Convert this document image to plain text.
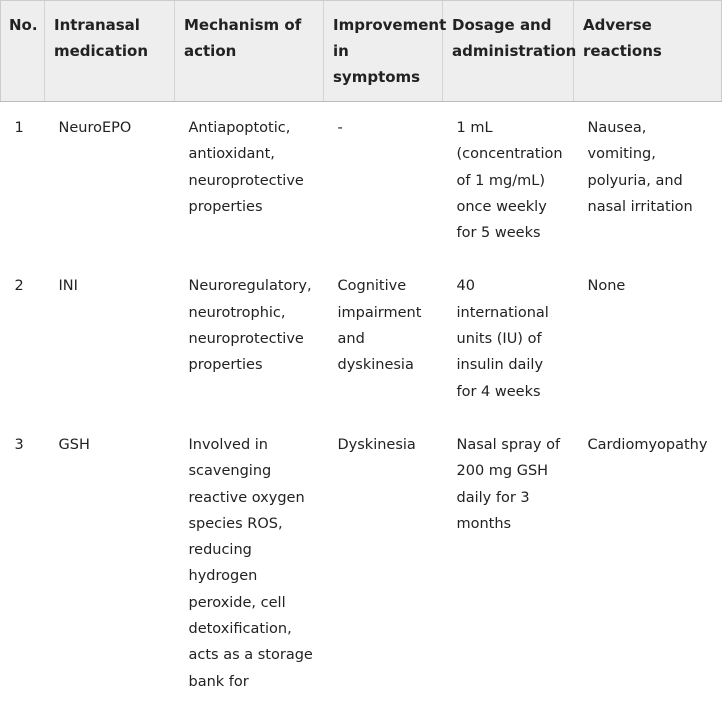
No.	Intranasal medication	Mechanism of action	Improvement in symptoms	Dosage and administration	Adverse reactions
1	NeuroEPO	Antiapoptotic, antioxidant, neuroprotective properties	-	1 mL (concentration of 1 mg/mL) once weekly for 5 weeks	Nausea, vomiting, polyuria, and nasal irritation
2	INI	Neuroregulatory, neurotrophic, neuroprotective properties	Cognitive impairment and dyskinesia	40 international units (IU) of insulin daily for 4 weeks	None
3	GSH	Involved in scavenging reactive oxygen species ROS, reducing hydrogen peroxide, cell detoxification, acts as a storage bank for	Dyskinesia	Nasal spray of 200 mg GSH daily for 3 months	Cardiomyopathy
